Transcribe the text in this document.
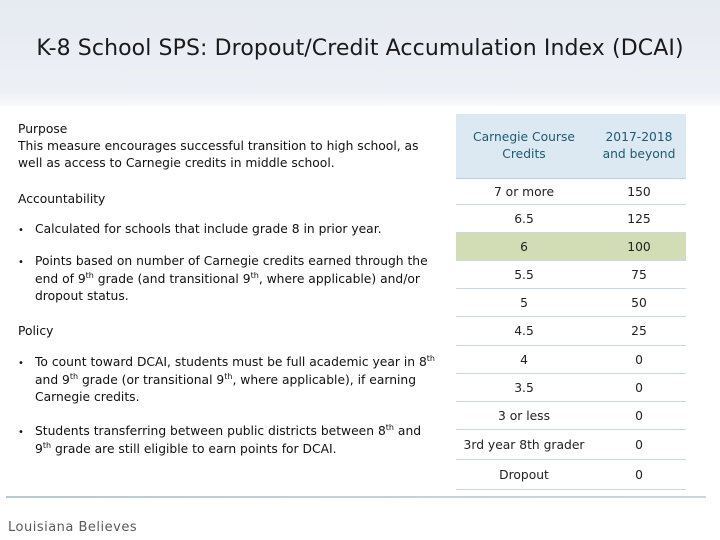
K-8 School SPS: Dropout/Credit Accumulation Index (DCAI)

Purpose

This measure encourages successful transition to high school, as well as access to Carnegie credits in middle school.

Accountability

• Calculated for schools that include grade 8 in prior year.

• Points based on number of Carnegie credits earned through the end of 9th grade (and transitional 9th, where applicable) and/or dropout status.

Policy

• To count toward DCAI, students must be full academic year in 8th and 9th grade (or transitional 9th, where applicable), if earning Carnegie credits.

• Students transferring between public districts between 8th and 9th grade are still eligible to earn points for DCAI.

Carnegie Course Credits	2017-2018 and beyond
7 or more	150
6.5	125
6	100
5.5	75
5	50
4.5	25
4	0
3.5	0
3 or less	0
3rd year 8th grader	0
Dropout	0
Louisiana Believes
